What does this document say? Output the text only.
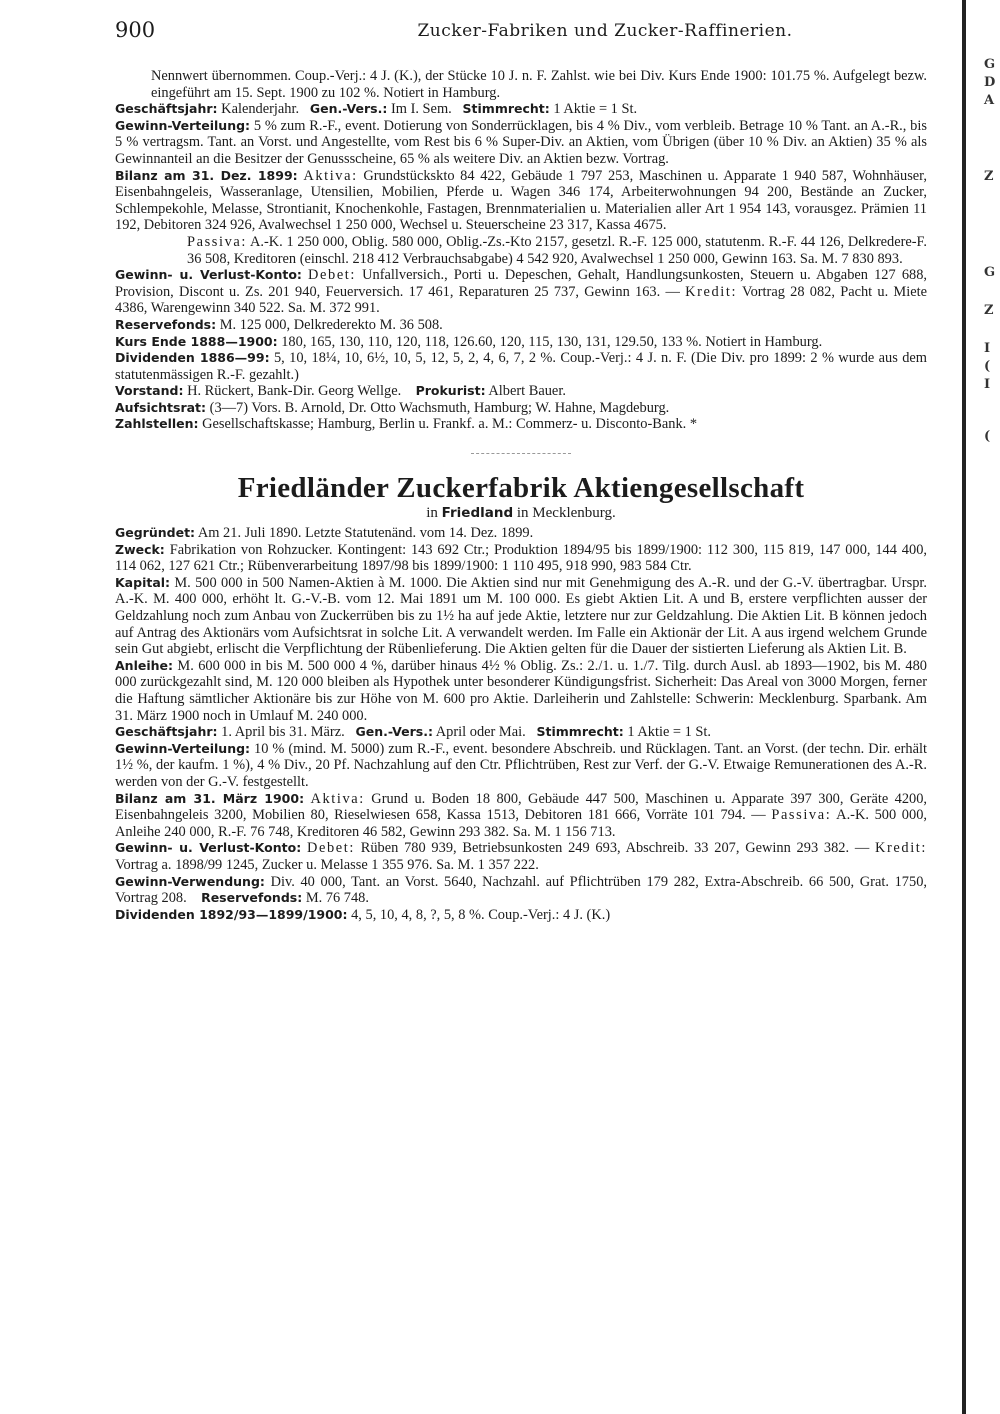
G
D
A
Z
G
Z
I
(
I
(
900	Zucker-Fabriken und Zucker-Raffinerien.

Nennwert übernommen. Coup.-Verj.: 4 J. (K.), der Stücke 10 J. n. F. Zahlst. wie bei Div. Kurs Ende 1900: 101.75 %. Aufgelegt bezw. eingeführt am 15. Sept. 1900 zu 102 %. Notiert in Hamburg.

Geschäftsjahr: Kalenderjahr. Gen.-Vers.: Im I. Sem. Stimmrecht: 1 Aktie = 1 St.

Gewinn-Verteilung: 5 % zum R.-F., event. Dotierung von Sonderrücklagen, bis 4 % Div., vom verbleib. Betrage 10 % Tant. an A.-R., bis 5 % vertragsm. Tant. an Vorst. und Angestellte, vom Rest bis 6 % Super-Div. an Aktien, vom Übrigen (über 10 % Div. an Aktien) 35 % als Gewinnanteil an die Besitzer der Genussscheine, 65 % als weitere Div. an Aktien bezw. Vortrag.

Bilanz am 31. Dez. 1899: Aktiva: Grundstückskto 84 422, Gebäude 1 797 253, Maschinen u. Apparate 1 940 587, Wohnhäuser, Eisenbahngeleis, Wasseranlage, Utensilien, Mobilien, Pferde u. Wagen 346 174, Arbeiterwohnungen 94 200, Bestände an Zucker, Schlempekohle, Melasse, Strontianit, Knochenkohle, Fastagen, Brennmaterialien u. Materialien aller Art 1 954 143, vorausgez. Prämien 11 192, Debitoren 324 926, Avalwechsel 1 250 000, Wechsel u. Steuerscheine 23 317, Kassa 4675.

Passiva: A.-K. 1 250 000, Oblig. 580 000, Oblig.-Zs.-Kto 2157, gesetzl. R.-F. 125 000, statutenm. R.-F. 44 126, Delkredere-F. 36 508, Kreditoren (einschl. 218 412 Verbrauchsabgabe) 4 542 920, Avalwechsel 1 250 000, Gewinn 163. Sa. M. 7 830 893.

Gewinn- u. Verlust-Konto: Debet: Unfallversich., Porti u. Depeschen, Gehalt, Handlungsunkosten, Steuern u. Abgaben 127 688, Provision, Discont u. Zs. 201 940, Feuerversich. 17 461, Reparaturen 25 737, Gewinn 163. — Kredit: Vortrag 28 082, Pacht u. Miete 4386, Warengewinn 340 522. Sa. M. 372 991.

Reservefonds: M. 125 000, Delkrederekto M. 36 508.

Kurs Ende 1888—1900: 180, 165, 130, 110, 120, 118, 126.60, 120, 115, 130, 131, 129.50, 133 %. Notiert in Hamburg.

Dividenden 1886—99: 5, 10, 18¼, 10, 6½, 10, 5, 12, 5, 2, 4, 6, 7, 2 %. Coup.-Verj.: 4 J. n. F. (Die Div. pro 1899: 2 % wurde aus dem statutenmässigen R.-F. gezahlt.)

Vorstand: H. Rückert, Bank-Dir. Georg Wellge. Prokurist: Albert Bauer.

Aufsichtsrat: (3—7) Vors. B. Arnold, Dr. Otto Wachsmuth, Hamburg; W. Hahne, Magdeburg.

Zahlstellen: Gesellschaftskasse; Hamburg, Berlin u. Frankf. a. M.: Commerz- u. Disconto-Bank. *

Friedländer Zuckerfabrik Aktiengesellschaft
in Friedland in Mecklenburg.

Gegründet: Am 21. Juli 1890. Letzte Statutenänd. vom 14. Dez. 1899.

Zweck: Fabrikation von Rohzucker. Kontingent: 143 692 Ctr.; Produktion 1894/95 bis 1899/1900: 112 300, 115 819, 147 000, 144 400, 114 062, 127 621 Ctr.; Rübenverarbeitung 1897/98 bis 1899/1900: 1 110 495, 918 990, 983 584 Ctr.

Kapital: M. 500 000 in 500 Namen-Aktien à M. 1000. Die Aktien sind nur mit Genehmigung des A.-R. und der G.-V. übertragbar. Urspr. A.-K. M. 400 000, erhöht lt. G.-V.-B. vom 12. Mai 1891 um M. 100 000. Es giebt Aktien Lit. A und B, erstere verpflichten ausser der Geldzahlung noch zum Anbau von Zuckerrüben bis zu 1½ ha auf jede Aktie, letztere nur zur Geldzahlung. Die Aktien Lit. B können jedoch auf Antrag des Aktionärs vom Aufsichtsrat in solche Lit. A verwandelt werden. Im Falle ein Aktionär der Lit. A aus irgend welchem Grunde sein Gut abgiebt, erlischt die Verpflichtung der Rübenlieferung. Die Aktien gelten für die Dauer der sistierten Lieferung als Aktien Lit. B.

Anleihe: M. 600 000 in bis M. 500 000 4 %, darüber hinaus 4½ % Oblig. Zs.: 2./1. u. 1./7. Tilg. durch Ausl. ab 1893—1902, bis M. 480 000 zurückgezahlt sind, M. 120 000 bleiben als Hypothek unter besonderer Kündigungsfrist. Sicherheit: Das Areal von 3000 Morgen, ferner die Haftung sämtlicher Aktionäre bis zur Höhe von M. 600 pro Aktie. Darleiherin und Zahlstelle: Schwerin: Mecklenburg. Sparbank. Am 31. März 1900 noch in Umlauf M. 240 000.

Geschäftsjahr: 1. April bis 31. März. Gen.-Vers.: April oder Mai. Stimmrecht: 1 Aktie = 1 St.

Gewinn-Verteilung: 10 % (mind. M. 5000) zum R.-F., event. besondere Abschreib. und Rücklagen. Tant. an Vorst. (der techn. Dir. erhält 1½ %, der kaufm. 1 %), 4 % Div., 20 Pf. Nachzahlung auf den Ctr. Pflichtrüben, Rest zur Verf. der G.-V. Etwaige Remunerationen des A.-R. werden von der G.-V. festgestellt.

Bilanz am 31. März 1900: Aktiva: Grund u. Boden 18 800, Gebäude 447 500, Maschinen u. Apparate 397 300, Geräte 4200, Eisenbahngeleis 3200, Mobilien 80, Rieselwiesen 658, Kassa 1513, Debitoren 181 666, Vorräte 101 794. — Passiva: A.-K. 500 000, Anleihe 240 000, R.-F. 76 748, Kreditoren 46 582, Gewinn 293 382. Sa. M. 1 156 713.

Gewinn- u. Verlust-Konto: Debet: Rüben 780 939, Betriebsunkosten 249 693, Abschreib. 33 207, Gewinn 293 382. — Kredit: Vortrag a. 1898/99 1245, Zucker u. Melasse 1 355 976. Sa. M. 1 357 222.

Gewinn-Verwendung: Div. 40 000, Tant. an Vorst. 5640, Nachzahl. auf Pflichtrüben 179 282, Extra-Abschreib. 66 500, Grat. 1750, Vortrag 208. Reservefonds: M. 76 748.

Dividenden 1892/93—1899/1900: 4, 5, 10, 4, 8, ?, 5, 8 %. Coup.-Verj.: 4 J. (K.)
